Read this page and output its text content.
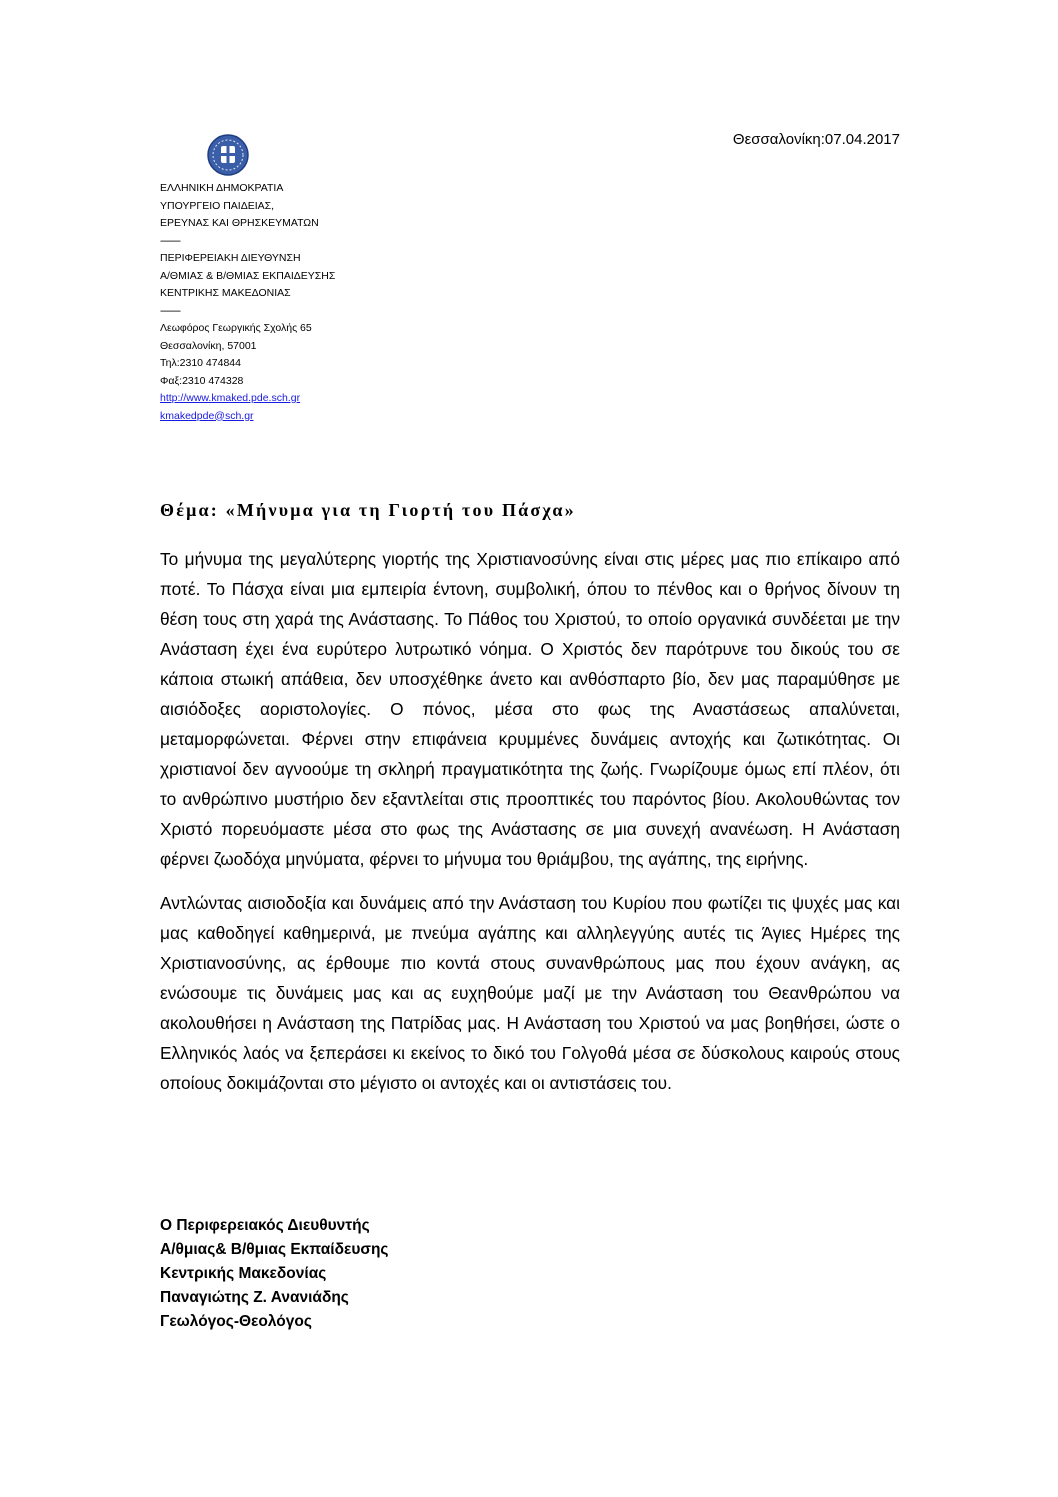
Θεσσαλονίκη:07.04.2017
ΕΛΛΗΝΙΚΗ ΔΗΜΟΚΡΑΤΙΑ
ΥΠΟΥΡΓΕΙΟ ΠΑΙΔΕΙΑΣ,
ΕΡΕΥΝΑΣ ΚΑΙ ΘΡΗΣΚΕΥΜΑΤΩΝ
--------
ΠΕΡΙΦΕΡΕΙΑΚΗ ΔΙΕΥΘΥΝΣΗ
Α/ΘΜΙΑΣ & Β/ΘΜΙΑΣ ΕΚΠΑΙΔΕΥΣΗΣ
ΚΕΝΤΡΙΚΗΣ ΜΑΚΕΔΟΝΙΑΣ
--------
Λεωφόρος Γεωργικής Σχολής 65
Θεσσαλονίκη, 57001
Τηλ:2310 474844
Φαξ:2310 474328
http://www.kmaked.pde.sch.gr
kmakedpde@sch.gr
Θέμα: «Μήνυμα για τη Γιορτή του Πάσχα»

Το μήνυμα της μεγαλύτερης γιορτής της Χριστιανοσύνης είναι στις μέρες μας πιο επίκαιρο από ποτέ. Το Πάσχα είναι μια εμπειρία έντονη, συμβολική, όπου το πένθος και ο θρήνος δίνουν τη θέση τους στη χαρά της Ανάστασης. Το Πάθος του Χριστού, το οποίο οργανικά συνδέεται με την Ανάσταση έχει ένα ευρύτερο λυτρωτικό νόημα. Ο Χριστός δεν παρότρυνε του δικούς του σε κάποια στωική απάθεια, δεν υποσχέθηκε άνετο και ανθόσπαρτο βίο, δεν μας παραμύθησε με αισιόδοξες αοριστολογίες. Ο πόνος, μέσα στο φως της Αναστάσεως απαλύνεται, μεταμορφώνεται. Φέρνει στην επιφάνεια κρυμμένες δυνάμεις αντοχής και ζωτικότητας. Οι χριστιανοί δεν αγνοούμε τη σκληρή πραγματικότητα της ζωής. Γνωρίζουμε όμως επί πλέον, ότι το ανθρώπινο μυστήριο δεν εξαντλείται στις προοπτικές του παρόντος βίου. Ακολουθώντας τον Χριστό πορευόμαστε μέσα στο φως της Ανάστασης σε μια συνεχή ανανέωση. Η Ανάσταση φέρνει ζωοδόχα μηνύματα, φέρνει το μήνυμα του θριάμβου, της αγάπης, της ειρήνης.

Αντλώντας αισιοδοξία και δυνάμεις από την Ανάσταση του Κυρίου που φωτίζει τις ψυχές μας και μας καθοδηγεί καθημερινά, με πνεύμα αγάπης και αλληλεγγύης αυτές τις Άγιες Ημέρες της Χριστιανοσύνης, ας έρθουμε πιο κοντά στους συνανθρώπους μας που έχουν ανάγκη, ας ενώσουμε τις δυνάμεις μας και ας ευχηθούμε μαζί με την Ανάσταση του Θεανθρώπου να ακολουθήσει η Ανάσταση της Πατρίδας μας. Η Ανάσταση του Χριστού να μας βοηθήσει, ώστε ο Ελληνικός λαός να ξεπεράσει κι εκείνος το δικό του Γολγοθά μέσα σε δύσκολους καιρούς στους οποίους δοκιμάζονται στο μέγιστο οι αντοχές και οι αντιστάσεις του.

Ο Περιφερειακός Διευθυντής
Α/θμιας& Β/θμιας Εκπαίδευσης
Κεντρικής Μακεδονίας
Παναγιώτης Ζ. Ανανιάδης
Γεωλόγος-Θεολόγος
